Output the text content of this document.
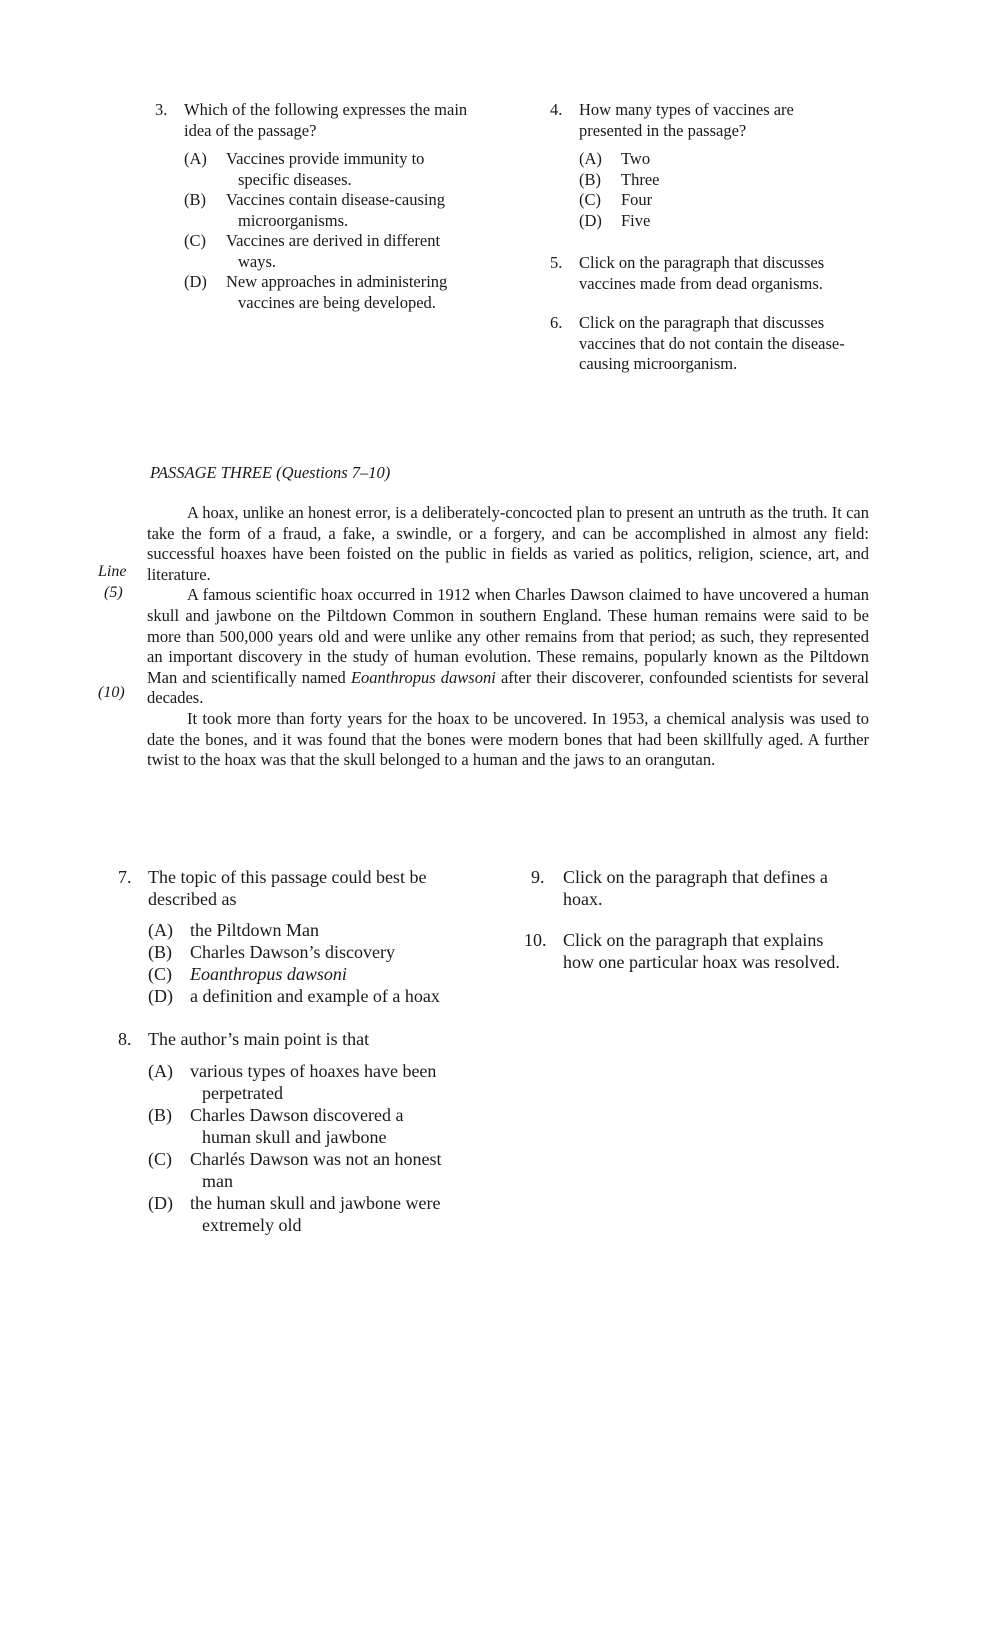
3. Which of the following expresses the main idea of the passage?
(A) Vaccines provide immunity to
specific diseases.
(B) Vaccines contain disease-causing
microorganisms.
(C) Vaccines are derived in different
ways.
(D) New approaches in administering
vaccines are being developed.
4. How many types of vaccines are presented in the passage?
(A) Two
(B) Three
(C) Four
(D) Five
5. Click on the paragraph that discusses vaccines made from dead organisms.
6. Click on the paragraph that discusses vaccines that do not contain the disease-causing microorganism.
PASSAGE THREE (Questions 7–10)
Line
(5)
(10)

A hoax, unlike an honest error, is a deliberately-concocted plan to present an untruth as the truth. It can take the form of a fraud, a fake, a swindle, or a forgery, and can be accomplished in almost any field: successful hoaxes have been foisted on the public in fields as varied as politics, religion, science, art, and literature.

A famous scientific hoax occurred in 1912 when Charles Dawson claimed to have uncovered a human skull and jawbone on the Piltdown Common in southern England. These human remains were said to be more than 500,000 years old and were unlike any other remains from that period; as such, they represented an important discovery in the study of human evolution. These remains, popularly known as the Piltdown Man and scientifically named Eoanthropus dawsoni after their discoverer, confounded scientists for several decades.

It took more than forty years for the hoax to be uncovered. In 1953, a chemical analysis was used to date the bones, and it was found that the bones were modern bones that had been skillfully aged. A further twist to the hoax was that the skull belonged to a human and the jaws to an orangutan.

7. The topic of this passage could best be
described as
(A) the Piltdown Man
(B) Charles Dawson’s discovery
(C) Eoanthropus dawsoni
(D) a definition and example of a hoax
8. The author’s main point is that
(A) various types of hoaxes have been
perpetrated
(B) Charles Dawson discovered a
human skull and jawbone
(C) Charlés Dawson was not an honest
man
(D) the human skull and jawbone were
extremely old
9. Click on the paragraph that defines a
hoax.
10. Click on the paragraph that explains
how one particular hoax was resolved.
